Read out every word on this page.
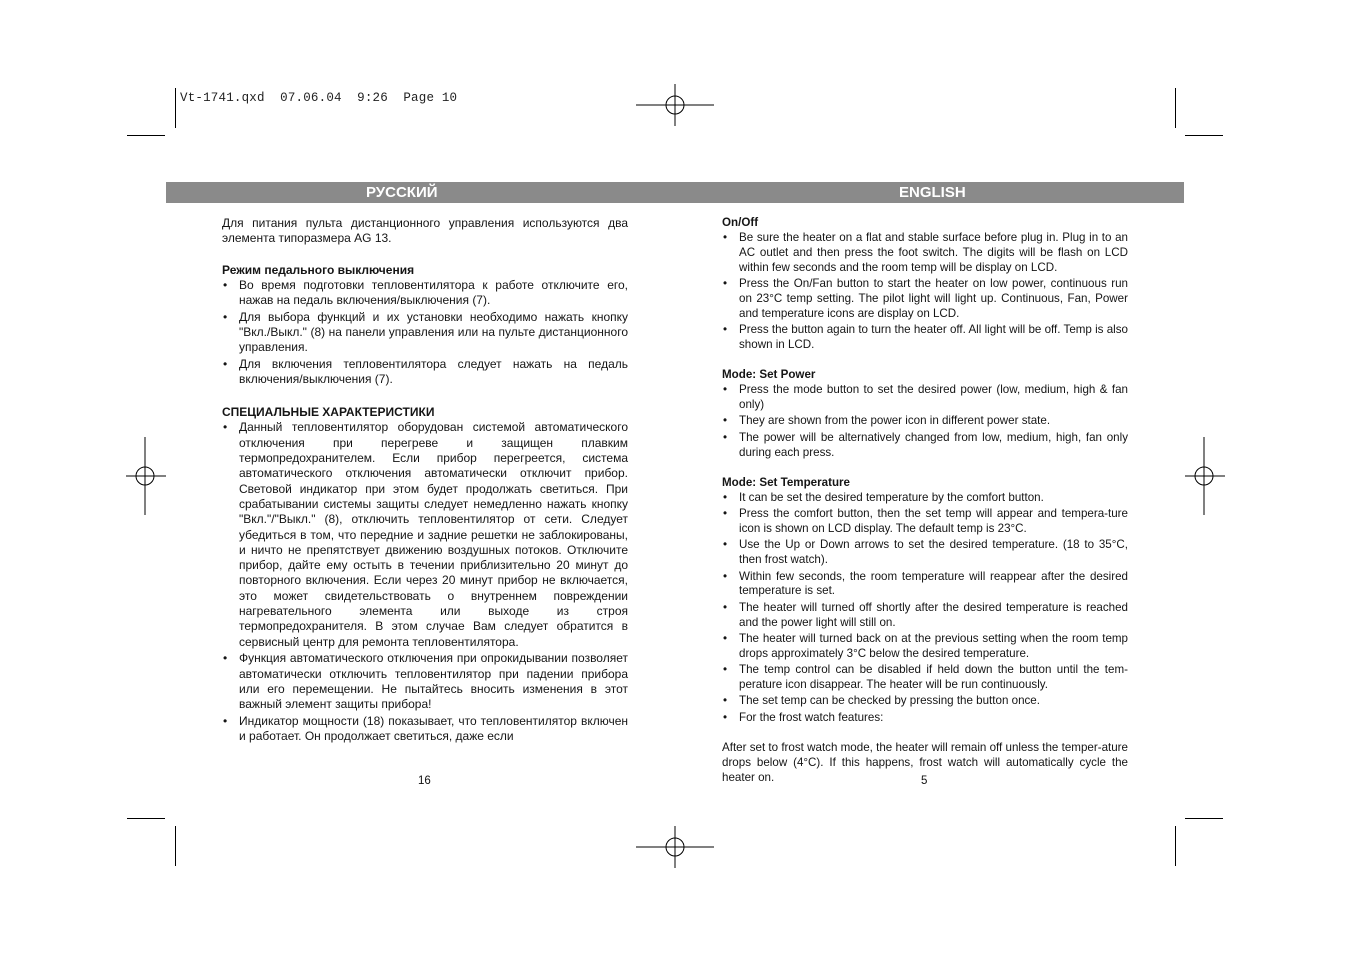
Vt-1741.qxd  07.06.04  9:26  Page 10
РУССКИЙ	ENGLISH

Для питания пульта дистанционного управления используются два элемента типоразмера AG 13.

Режим педального выключения

• Во время подготовки тепловентилятора к работе отключите его, нажав на педаль включения/выключения (7).
• Для выбора функций и их установки необходимо нажать кнопку "Вкл./Выкл." (8) на панели управления или на пульте дистанционного управления.
• Для включения тепловентилятора следует нажать на педаль включения/выключения (7).

СПЕЦИАЛЬНЫЕ ХАРАКТЕРИСТИКИ

• Данный тепловентилятор оборудован системой автоматического отключения при перегреве и защищен плавким термопредохранителем. Если прибор перегреется, система автоматического отключения автоматически отключит прибор. Световой индикатор при этом будет продолжать светиться. При срабатывании системы защиты следует немедленно нажать кнопку "Вкл."/"Выкл." (8), отключить тепловентилятор от сети. Следует убедиться в том, что передние и задние решетки не заблокированы, и ничто не препятствует движению воздушных потоков. Отключите прибор, дайте ему остыть в течении приблизительно 20 минут до повторного включения. Если через 20 минут прибор не включается, это может свидетельствовать о внутреннем повреждении нагревательного элемента или выходе из строя термопредохранителя. В этом случае Вам следует обратится в сервисный центр для ремонта тепловентилятора.
• Функция автоматического отключения при опрокидывании позволяет автоматически отключить тепловентилятор при падении прибора или его перемещении. Не пытайтесь вносить изменения в этот важный элемент защиты прибора!
• Индикатор мощности (18) показывает, что тепловентилятор включен и работает. Он продолжает светиться, даже если
16

On/Off

• Be sure the heater on a flat and stable surface before plug in. Plug in to an AC outlet and then press the foot switch. The digits will be flash on LCD within few seconds and the room temp will be display on LCD.
• Press the On/Fan button to start the heater on low power, continuous run on 23°C temp setting. The pilot light will light up. Continuous, Fan, Power and temperature icons are display on LCD.
• Press the button again to turn the heater off. All light will be off. Temp is also shown in LCD.

Mode: Set Power

• Press the mode button to set the desired power (low, medium, high & fan only)
• They are shown from the power icon in different power state.
• The power will be alternatively changed from low, medium, high, fan only during each press.

Mode: Set Temperature

• It can be set the desired temperature by the comfort button.
• Press the comfort button, then the set temp will appear and tempera-ture icon is shown on LCD display. The default temp is 23°C.
• Use the Up or Down arrows to set the desired temperature. (18 to 35°C, then frost watch).
• Within few seconds, the room temperature will reappear after the desired temperature is set.
• The heater will turned off shortly after the desired temperature is reached and the power light will still on.
• The heater will turned back on at the previous setting when the room temp drops approximately 3°C below the desired temperature.
• The temp control can be disabled if held down the button until the tem-perature icon disappear. The heater will be run continuously.
• The set temp can be checked by pressing the button once.
• For the frost watch features:

After set to frost watch mode, the heater will remain off unless the temper-ature drops below (4°C). If this happens, frost watch will automatically cycle the heater on.	5
